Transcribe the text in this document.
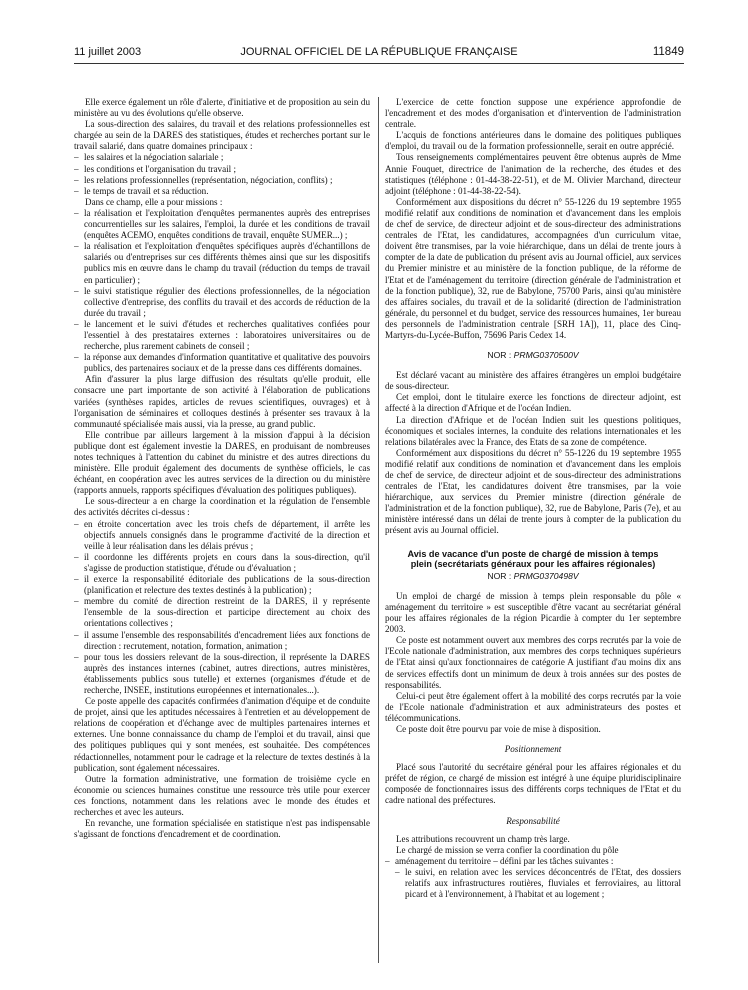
11 juillet 2003	JOURNAL OFFICIEL DE LA RÉPUBLIQUE FRANÇAISE	11849

Elle exerce également un rôle d'alerte, d'initiative et de proposition au sein du ministère au vu des évolutions qu'elle observe.

La sous-direction des salaires, du travail et des relations professionnelles est chargée au sein de la DARES des statistiques, études et recherches portant sur le travail salarié, dans quatre domaines principaux :

– les salaires et la négociation salariale ;
– les conditions et l'organisation du travail ;
– les relations professionnelles (représentation, négociation, conflits) ;
– le temps de travail et sa réduction.

Dans ce champ, elle a pour missions :

– la réalisation et l'exploitation d'enquêtes permanentes auprès des entreprises concurrentielles sur les salaires, l'emploi, la durée et les conditions de travail (enquêtes ACEMO, enquêtes conditions de travail, enquête SUMER...) ;
– la réalisation et l'exploitation d'enquêtes spécifiques auprès d'échantillons de salariés ou d'entreprises sur ces différents thèmes ainsi que sur les dispositifs publics mis en œuvre dans le champ du travail (réduction du temps de travail en particulier) ;
– le suivi statistique régulier des élections professionnelles, de la négociation collective d'entreprise, des conflits du travail et des accords de réduction de la durée du travail ;
– le lancement et le suivi d'études et recherches qualitatives confiées pour l'essentiel à des prestataires externes : laboratoires universitaires ou de recherche, plus rarement cabinets de conseil ;
– la réponse aux demandes d'information quantitative et qualitative des pouvoirs publics, des partenaires sociaux et de la presse dans ces différents domaines.

Afin d'assurer la plus large diffusion des résultats qu'elle produit, elle consacre une part importante de son activité à l'élaboration de publications variées (synthèses rapides, articles de revues scientifiques, ouvrages) et à l'organisation de séminaires et colloques destinés à présenter ses travaux à la communauté spécialisée mais aussi, via la presse, au grand public.

Elle contribue par ailleurs largement à la mission d'appui à la décision publique dont est également investie la DARES, en produisant de nombreuses notes techniques à l'attention du cabinet du ministre et des autres directions du ministère. Elle produit également des documents de synthèse officiels, le cas échéant, en coopération avec les autres services de la direction ou du ministère (rapports annuels, rapports spécifiques d'évaluation des politiques publiques).

Le sous-directeur a en charge la coordination et la régulation de l'ensemble des activités décrites ci-dessus :

– en étroite concertation avec les trois chefs de département, il arrête les objectifs annuels consignés dans le programme d'activité de la direction et veille à leur réalisation dans les délais prévus ;
– il coordonne les différents projets en cours dans la sous-direction, qu'il s'agisse de production statistique, d'étude ou d'évaluation ;
– il exerce la responsabilité éditoriale des publications de la sous-direction (planification et relecture des textes destinés à la publication) ;
– membre du comité de direction restreint de la DARES, il y représente l'ensemble de la sous-direction et participe directement au choix des orientations collectives ;
– il assume l'ensemble des responsabilités d'encadrement liées aux fonctions de direction : recrutement, notation, formation, animation ;
– pour tous les dossiers relevant de la sous-direction, il représente la DARES auprès des instances internes (cabinet, autres directions, autres ministères, établissements publics sous tutelle) et externes (organismes d'étude et de recherche, INSEE, institutions européennes et internationales...).

Ce poste appelle des capacités confirmées d'animation d'équipe et de conduite de projet, ainsi que les aptitudes nécessaires à l'entretien et au développement de relations de coopération et d'échange avec de multiples partenaires internes et externes. Une bonne connaissance du champ de l'emploi et du travail, ainsi que des politiques publiques qui y sont menées, est souhaitée. Des compétences rédactionnelles, notamment pour le cadrage et la relecture de textes destinés à la publication, sont également nécessaires.

Outre la formation administrative, une formation de troisième cycle en économie ou sciences humaines constitue une ressource très utile pour exercer ces fonctions, notamment dans les relations avec le monde des études et recherches et avec les auteurs.

En revanche, une formation spécialisée en statistique n'est pas indispensable s'agissant de fonctions d'encadrement et de coordination.

L'exercice de cette fonction suppose une expérience approfondie de l'encadrement et des modes d'organisation et d'intervention de l'administration centrale.

L'acquis de fonctions antérieures dans le domaine des politiques publiques d'emploi, du travail ou de la formation professionnelle, serait en outre apprécié.

Tous renseignements complémentaires peuvent être obtenus auprès de Mme Annie Fouquet, directrice de l'animation de la recherche, des études et des statistiques (téléphone : 01-44-38-22-51), et de M. Olivier Marchand, directeur adjoint (téléphone : 01-44-38-22-54).

Conformément aux dispositions du décret n° 55-1226 du 19 septembre 1955 modifié relatif aux conditions de nomination et d'avancement dans les emplois de chef de service, de directeur adjoint et de sous-directeur des administrations centrales de l'Etat, les candidatures, accompagnées d'un curriculum vitae, doivent être transmises, par la voie hiérarchique, dans un délai de trente jours à compter de la date de publication du présent avis au Journal officiel, aux services du Premier ministre et au ministère de la fonction publique, de la réforme de l'Etat et de l'aménagement du territoire (direction générale de l'administration et de la fonction publique), 32, rue de Babylone, 75700 Paris, ainsi qu'au ministère des affaires sociales, du travail et de la solidarité (direction de l'administration générale, du personnel et du budget, service des ressources humaines, 1er bureau des personnels de l'administration centrale [SRH 1A]), 11, place des Cinq-Martyrs-du-Lycée-Buffon, 75696 Paris Cedex 14.

NOR : PRMG0370500V

Est déclaré vacant au ministère des affaires étrangères un emploi budgétaire de sous-directeur.

Cet emploi, dont le titulaire exerce les fonctions de directeur adjoint, est affecté à la direction d'Afrique et de l'océan Indien.

La direction d'Afrique et de l'océan Indien suit les questions politiques, économiques et sociales internes, la conduite des relations internationales et les relations bilatérales avec la France, des Etats de sa zone de compétence.

Conformément aux dispositions du décret n° 55-1226 du 19 septembre 1955 modifié relatif aux conditions de nomination et d'avancement dans les emplois de chef de service, de directeur adjoint et de sous-directeur des administrations centrales de l'Etat, les candidatures doivent être transmises, par la voie hiérarchique, aux services du Premier ministre (direction générale de l'administration et de la fonction publique), 32, rue de Babylone, Paris (7e), et au ministère intéressé dans un délai de trente jours à compter de la publication du présent avis au Journal officiel.

Avis de vacance d'un poste de chargé de mission à temps
plein (secrétariats généraux pour les affaires régionales)
NOR : PRMG0370498V

Un emploi de chargé de mission à temps plein responsable du pôle « aménagement du territoire » est susceptible d'être vacant au secrétariat général pour les affaires régionales de la région Picardie à compter du 1er septembre 2003.

Ce poste est notamment ouvert aux membres des corps recrutés par la voie de l'Ecole nationale d'administration, aux membres des corps techniques supérieurs de l'Etat ainsi qu'aux fonctionnaires de catégorie A justifiant d'au moins dix ans de services effectifs dont un minimum de deux à trois années sur des postes de responsabilités.

Celui-ci peut être également offert à la mobilité des corps recrutés par la voie de l'Ecole nationale d'administration et aux administrateurs des postes et télécommunications.

Ce poste doit être pourvu par voie de mise à disposition.

Positionnement

Placé sous l'autorité du secrétaire général pour les affaires régionales et du préfet de région, ce chargé de mission est intégré à une équipe pluridisciplinaire composée de fonctionnaires issus des différents corps techniques de l'Etat et du cadre national des préfectures.

Responsabilité

Les attributions recouvrent un champ très large.

Le chargé de mission se verra confier la coordination du pôle

– aménagement du territoire – défini par les tâches suivantes :
– le suivi, en relation avec les services déconcentrés de l'Etat, des dossiers relatifs aux infrastructures routières, fluviales et ferroviaires, au littoral picard et à l'environnement, à l'habitat et au logement ;
